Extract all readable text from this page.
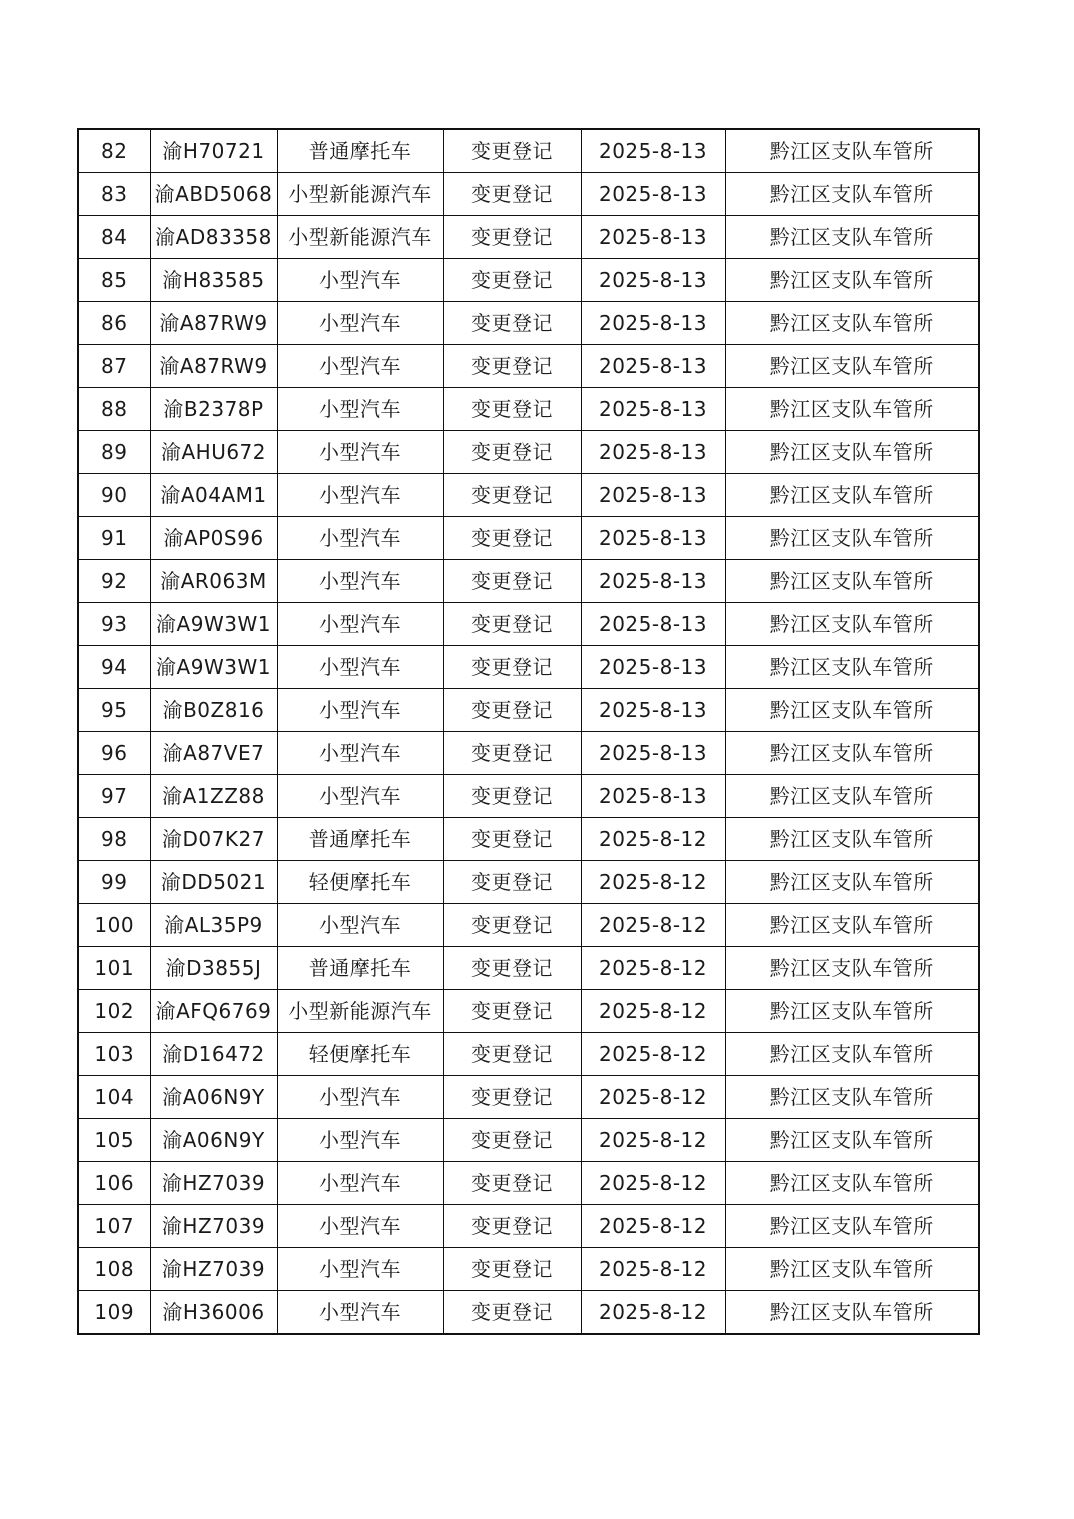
82	渝H70721	普通摩托车	变更登记	2025-8-13	黔江区支队车管所
83	渝ABD5068	小型新能源汽车	变更登记	2025-8-13	黔江区支队车管所
84	渝AD83358	小型新能源汽车	变更登记	2025-8-13	黔江区支队车管所
85	渝H83585	小型汽车	变更登记	2025-8-13	黔江区支队车管所
86	渝A87RW9	小型汽车	变更登记	2025-8-13	黔江区支队车管所
87	渝A87RW9	小型汽车	变更登记	2025-8-13	黔江区支队车管所
88	渝B2378P	小型汽车	变更登记	2025-8-13	黔江区支队车管所
89	渝AHU672	小型汽车	变更登记	2025-8-13	黔江区支队车管所
90	渝A04AM1	小型汽车	变更登记	2025-8-13	黔江区支队车管所
91	渝AP0S96	小型汽车	变更登记	2025-8-13	黔江区支队车管所
92	渝AR063M	小型汽车	变更登记	2025-8-13	黔江区支队车管所
93	渝A9W3W1	小型汽车	变更登记	2025-8-13	黔江区支队车管所
94	渝A9W3W1	小型汽车	变更登记	2025-8-13	黔江区支队车管所
95	渝B0Z816	小型汽车	变更登记	2025-8-13	黔江区支队车管所
96	渝A87VE7	小型汽车	变更登记	2025-8-13	黔江区支队车管所
97	渝A1ZZ88	小型汽车	变更登记	2025-8-13	黔江区支队车管所
98	渝D07K27	普通摩托车	变更登记	2025-8-12	黔江区支队车管所
99	渝DD5021	轻便摩托车	变更登记	2025-8-12	黔江区支队车管所
100	渝AL35P9	小型汽车	变更登记	2025-8-12	黔江区支队车管所
101	渝D3855J	普通摩托车	变更登记	2025-8-12	黔江区支队车管所
102	渝AFQ6769	小型新能源汽车	变更登记	2025-8-12	黔江区支队车管所
103	渝D16472	轻便摩托车	变更登记	2025-8-12	黔江区支队车管所
104	渝A06N9Y	小型汽车	变更登记	2025-8-12	黔江区支队车管所
105	渝A06N9Y	小型汽车	变更登记	2025-8-12	黔江区支队车管所
106	渝HZ7039	小型汽车	变更登记	2025-8-12	黔江区支队车管所
107	渝HZ7039	小型汽车	变更登记	2025-8-12	黔江区支队车管所
108	渝HZ7039	小型汽车	变更登记	2025-8-12	黔江区支队车管所
109	渝H36006	小型汽车	变更登记	2025-8-12	黔江区支队车管所
